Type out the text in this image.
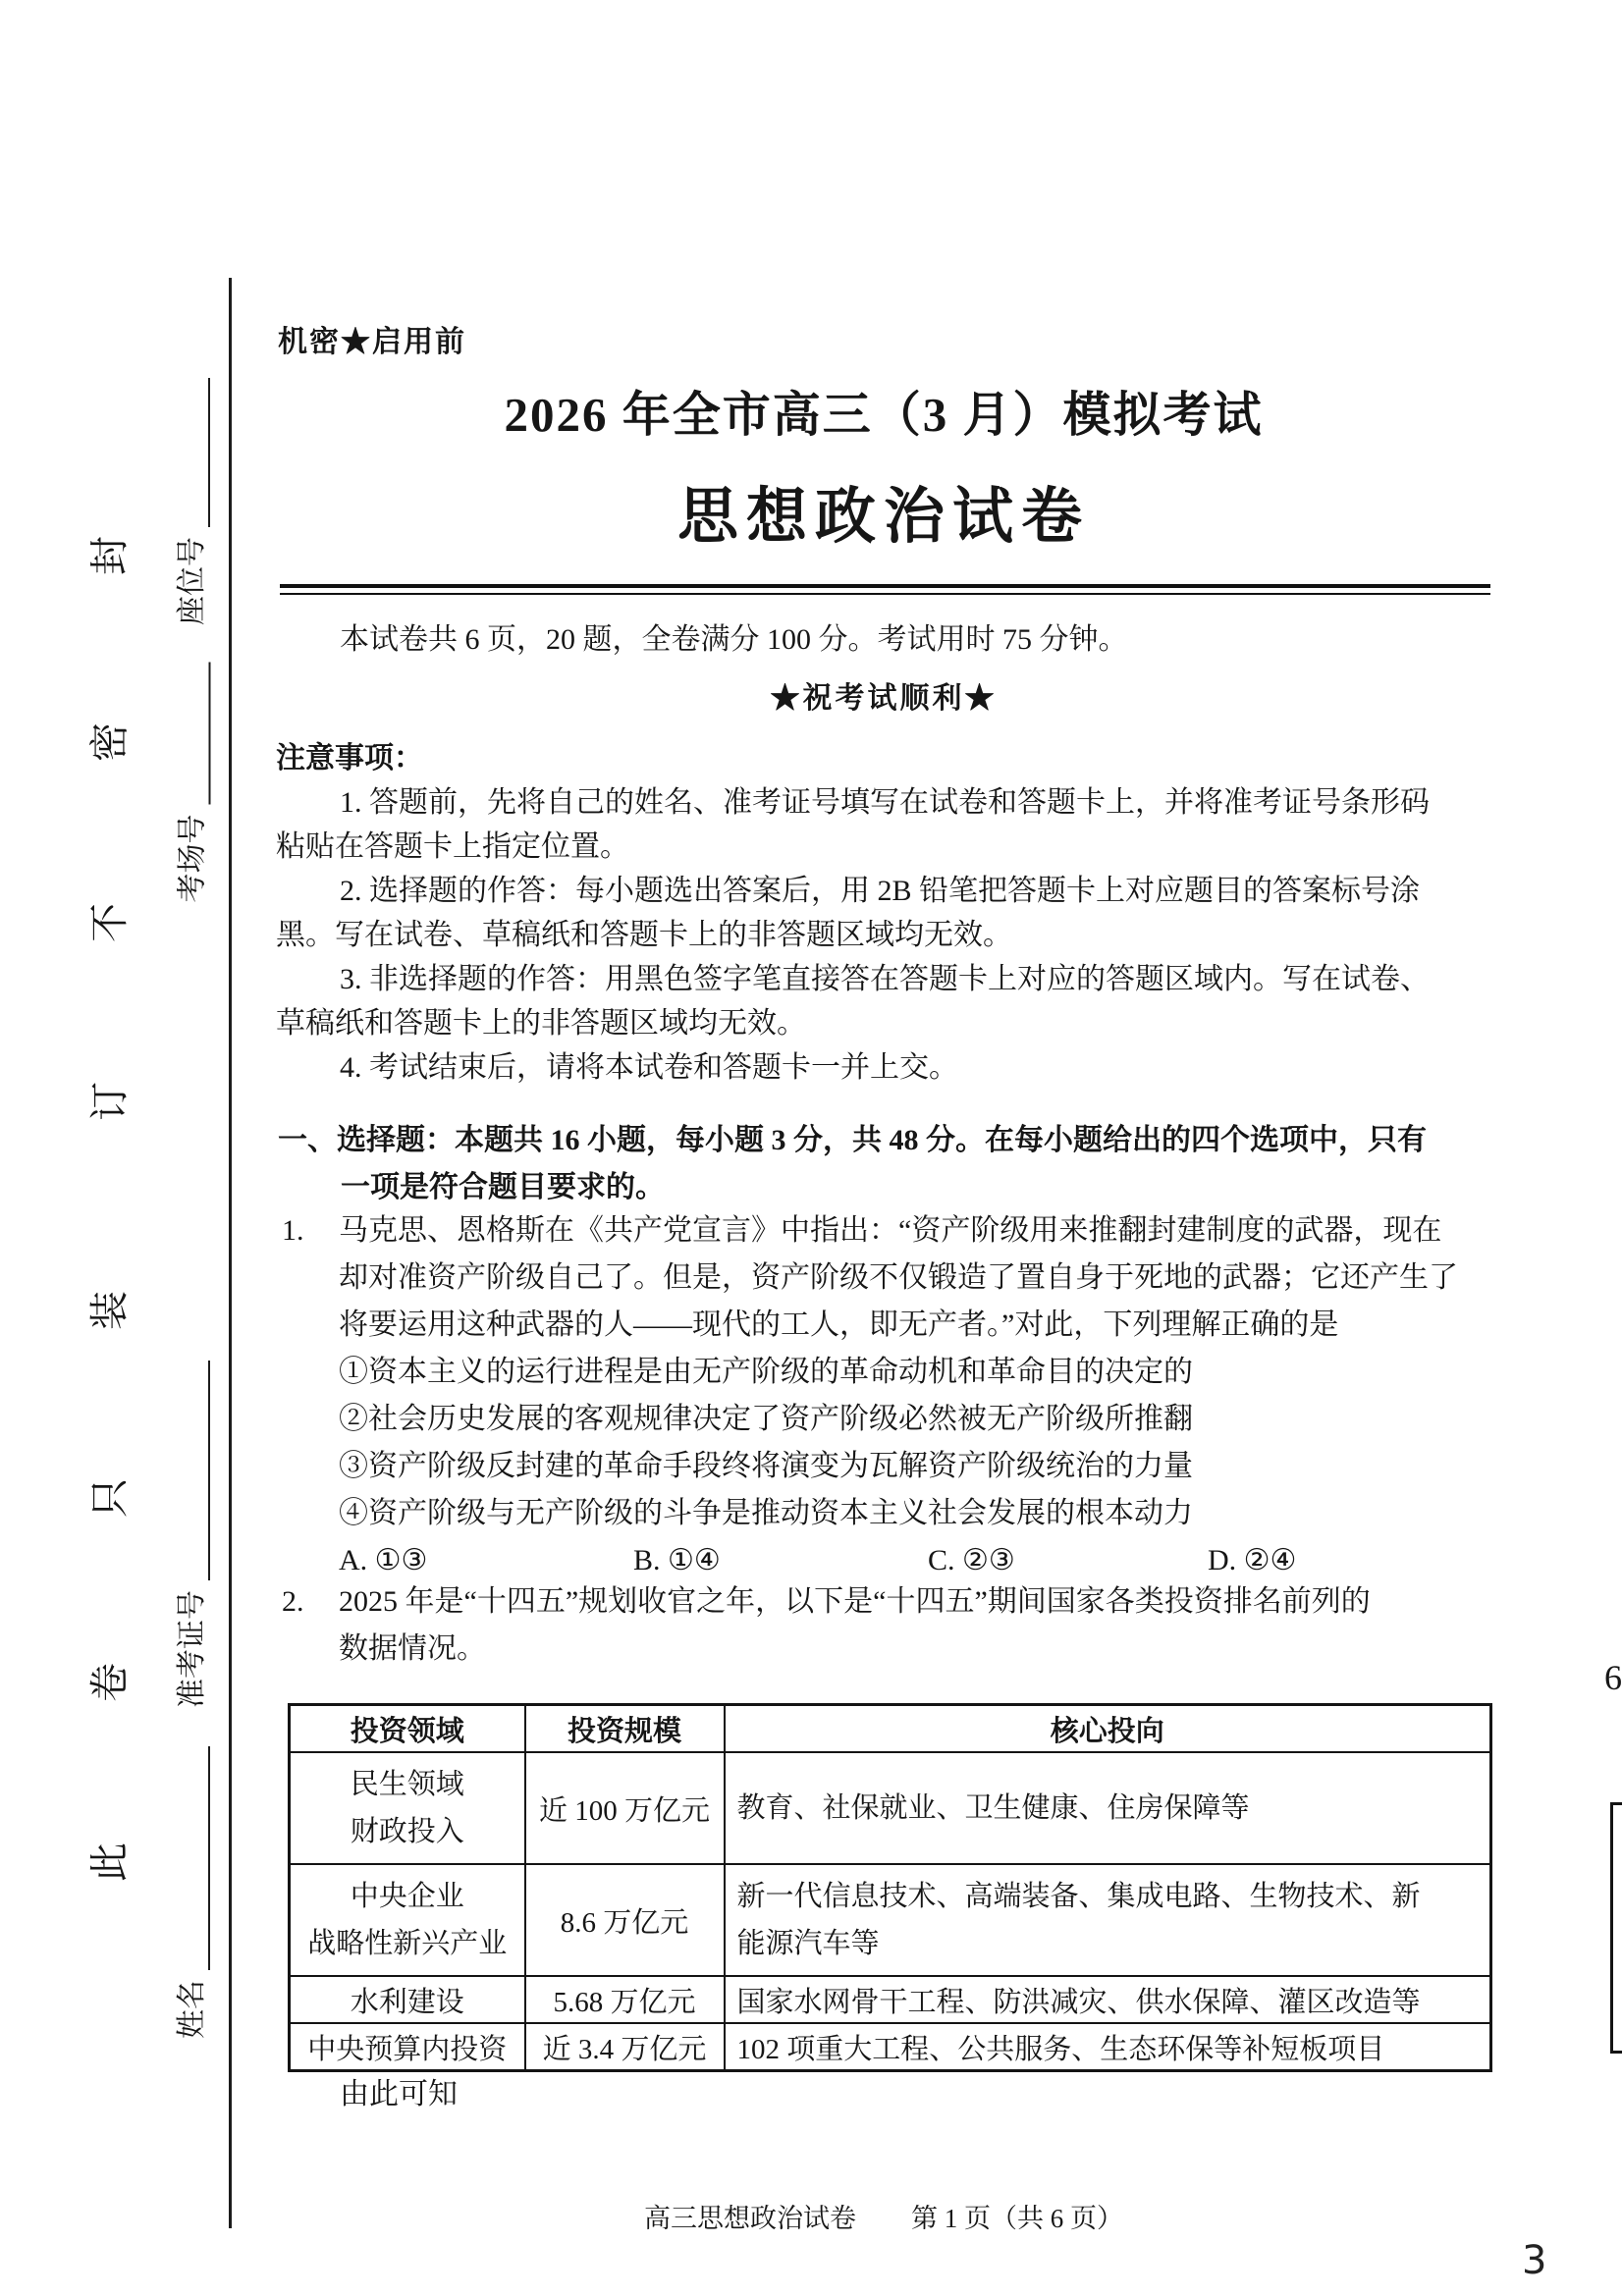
封
密
不
订
装
只
卷
此
座位号
考场号
准考证号
姓名
机密★启用前
2026 年全市高三（3 月）模拟考试
思想政治试卷
本试卷共 6 页，20 题，全卷满分 100 分。考试用时 75 分钟。
★祝考试顺利★
注意事项：
1. 答题前，先将自己的姓名、准考证号填写在试卷和答题卡上，并将准考证号条形码
粘贴在答题卡上指定位置。
2. 选择题的作答：每小题选出答案后，用 2B 铅笔把答题卡上对应题目的答案标号涂
黑。写在试卷、草稿纸和答题卡上的非答题区域均无效。
3. 非选择题的作答：用黑色签字笔直接答在答题卡上对应的答题区域内。写在试卷、
草稿纸和答题卡上的非答题区域均无效。
4. 考试结束后，请将本试卷和答题卡一并上交。
一、选择题：本题共 16 小题，每小题 3 分，共 48 分。在每小题给出的四个选项中，只有
一项是符合题目要求的。
1. 马克思、恩格斯在《共产党宣言》中指出：“资产阶级用来推翻封建制度的武器，现在
却对准资产阶级自己了。但是，资产阶级不仅锻造了置自身于死地的武器；它还产生了
将要运用这种武器的人——现代的工人，即无产者。”对此，下列理解正确的是
①资本主义的运行进程是由无产阶级的革命动机和革命目的决定的
②社会历史发展的客观规律决定了资产阶级必然被无产阶级所推翻
③资产阶级反封建的革命手段终将演变为瓦解资产阶级统治的力量
④资产阶级与无产阶级的斗争是推动资本主义社会发展的根本动力
A. ①③	B. ①④	C. ②③	D. ②④
2. 2025 年是“十四五”规划收官之年，以下是“十四五”期间国家各类投资排名前列的
数据情况。
投资领域	投资规模	核心投向

民生领域
财政投入	近 100 万亿元	教育、社保就业、卫生健康、住房保障等

中央企业
战略性新兴产业
	8.6 万亿元	
新一代信息技术、高端装备、集成电路、生物技术、新
能源汽车等

水利建设	5.68 万亿元	国家水网骨干工程、防洪减灾、供水保障、灌区改造等
中央预算内投资	近 3.4 万亿元	102 项重大工程、公共服务、生态环保等补短板项目
由此可知
高三思想政治试卷 第 1 页（共 6 页）
3
6
